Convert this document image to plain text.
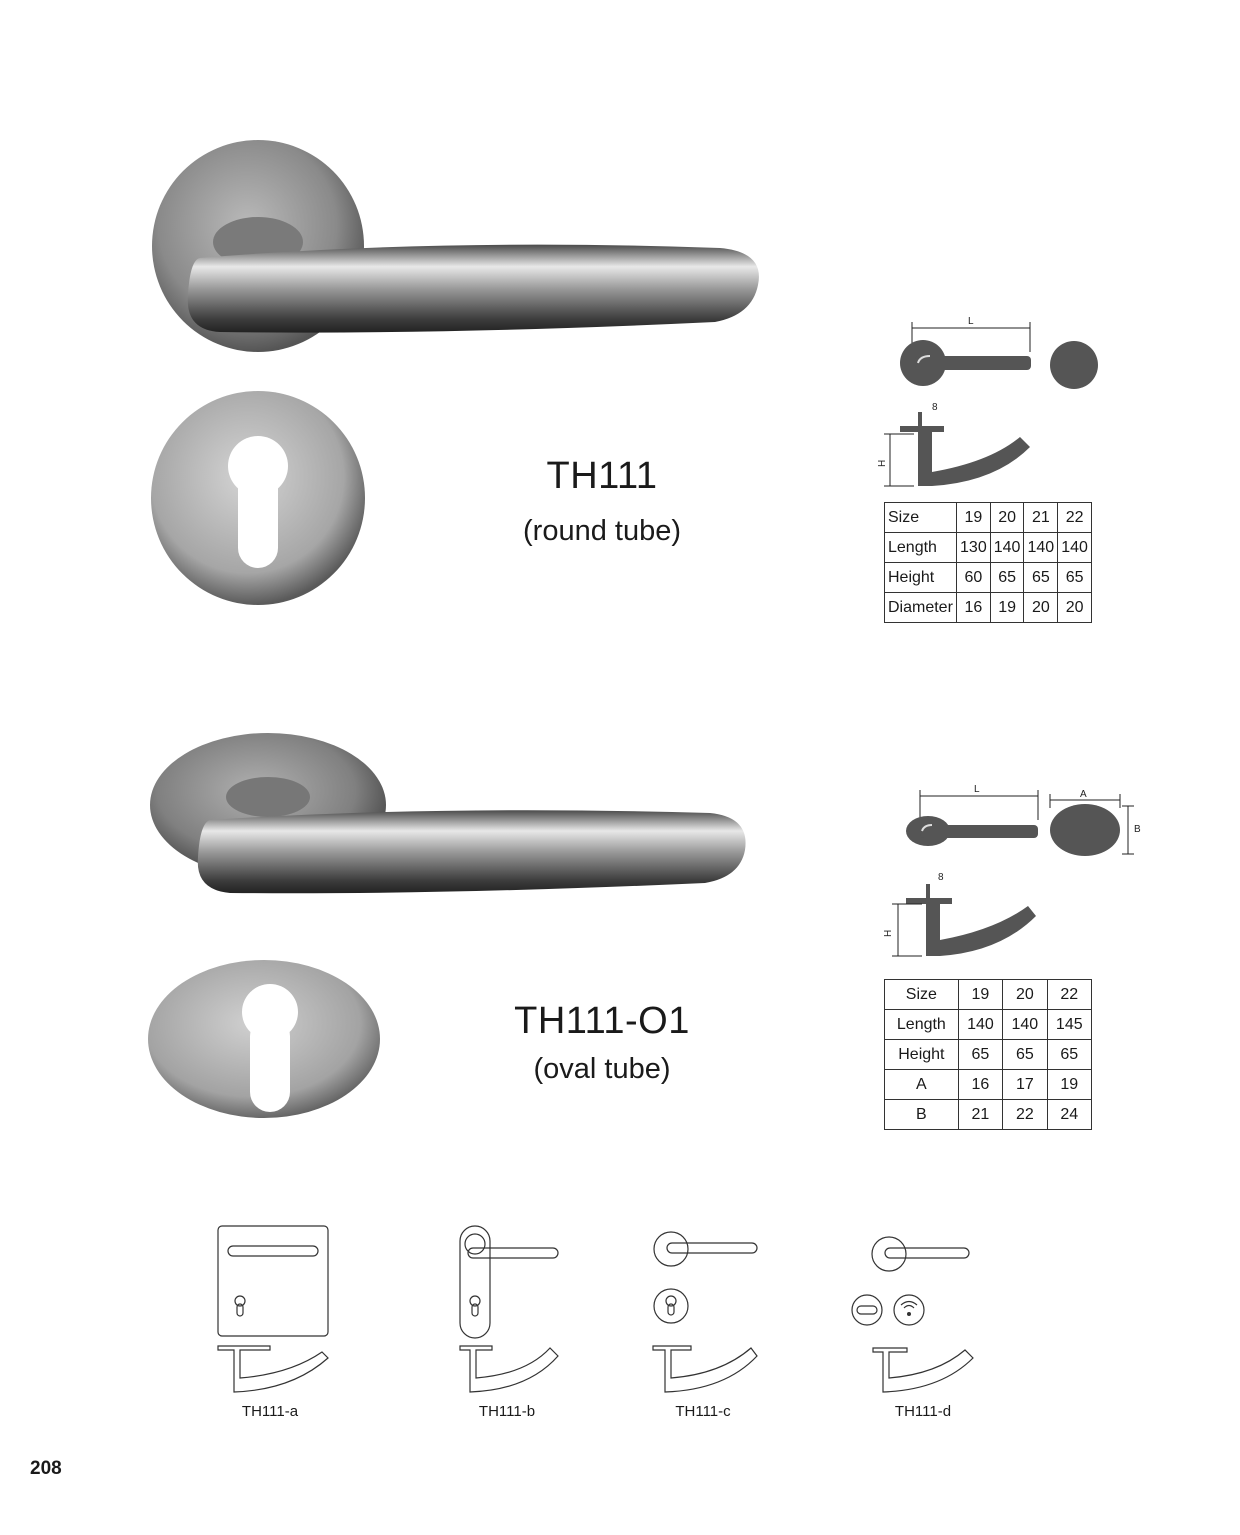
TH111
(round tube)
L
8
H
Size	19	20	21	22
Length	130	140	140	140
Height	60	65	65	65
Diameter	16	19	20	20
TH111-O1
(oval tube)
L	A
B
8
H
Size	19	20	22
Length	140	140	145
Height	65	65	65
A	16	17	19
B	21	22	24
TH111-a	TH111-b	TH111-c	TH111-d
208
